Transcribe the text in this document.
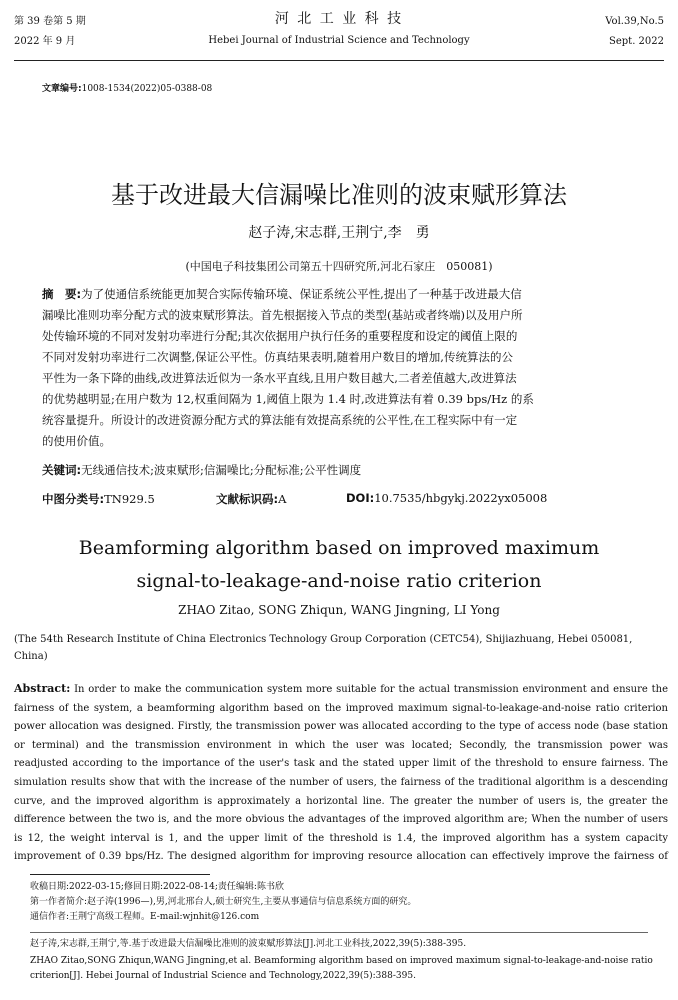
第 39 卷第 5 期
2022 年 9 月
河 北 工 业 科 技
Hebei Journal of Industrial Science and Technology
Vol.39,No.5
Sept. 2022
文章编号:1008-1534(2022)05-0388-08
基于改进最大信漏噪比准则的波束赋形算法
赵子涛,宋志群,王荆宁,李　勇
(中国电子科技集团公司第五十四研究所,河北石家庄　050081)
摘　要:为了使通信系统能更加契合实际传输环境、保证系统公平性,提出了一种基于改进最大信
漏噪比准则功率分配方式的波束赋形算法。首先根据接入节点的类型(基站或者终端)以及用户所
处传输环境的不同对发射功率进行分配;其次依据用户执行任务的重要程度和设定的阈值上限的
不同对发射功率进行二次调整,保证公平性。仿真结果表明,随着用户数目的增加,传统算法的公
平性为一条下降的曲线,改进算法近似为一条水平直线,且用户数目越大,二者差值越大,改进算法
的优势越明显;在用户数为 12,权重间隔为 1,阈值上限为 1.4 时,改进算法有着 0.39 bps/Hz 的系
统容量提升。所设计的改进资源分配方式的算法能有效提高系统的公平性,在工程实际中有一定
的使用价值。
关键词:无线通信技术;波束赋形;信漏噪比;分配标准;公平性调度
中图分类号:TN929.5	文献标识码:A	DOI:10.7535/hbgykj.2022yx05008
Beamforming algorithm based on improved maximum
signal-to-leakage-and-noise ratio criterion
ZHAO Zitao, SONG Zhiqun, WANG Jingning, LI Yong
(The 54th Research Institute of China Electronics Technology Group Corporation (CETC54), Shijiazhuang, Hebei 050081,
China)
Abstract: In order to make the communication system more suitable for the actual transmission environment and ensure the
fairness of the system, a beamforming algorithm based on the improved maximum signal-to-leakage-and-noise ratio criterion
power allocation was designed. Firstly, the transmission power was allocated according to the type of access node (base station
or terminal) and the transmission environment in which the user was located; Secondly, the transmission power was
readjusted according to the importance of the user's task and the stated upper limit of the threshold to ensure fairness. The
simulation results show that with the increase of the number of users, the fairness of the traditional algorithm is a descending
curve, and the improved algorithm is approximately a horizontal line. The greater the number of users is, the greater the
difference between the two is, and the more obvious the advantages of the improved algorithm are; When the number of users
is 12, the weight interval is 1, and the upper limit of the threshold is 1.4, the improved algorithm has a system capacity
improvement of 0.39 bps/Hz. The designed algorithm for improving resource allocation can effectively improve the fairness of
收稿日期:2022-03-15;修回日期:2022-08-14;责任编辑:陈书欣
第一作者简介:赵子涛(1996—),男,河北邢台人,硕士研究生,主要从事通信与信息系统方面的研究。
通信作者:王荆宁高级工程师。E-mail:wjnhit@126.com
赵子涛,宋志群,王荆宁,等.基于改进最大信漏噪比准则的波束赋形算法[J].河北工业科技,2022,39(5):388-395.
ZHAO Zitao,SONG Zhiqun,WANG Jingning,et al. Beamforming algorithm based on improved maximum signal-to-leakage-and-noise ratio
criterion[J]. Hebei Journal of Industrial Science and Technology,2022,39(5):388-395.
